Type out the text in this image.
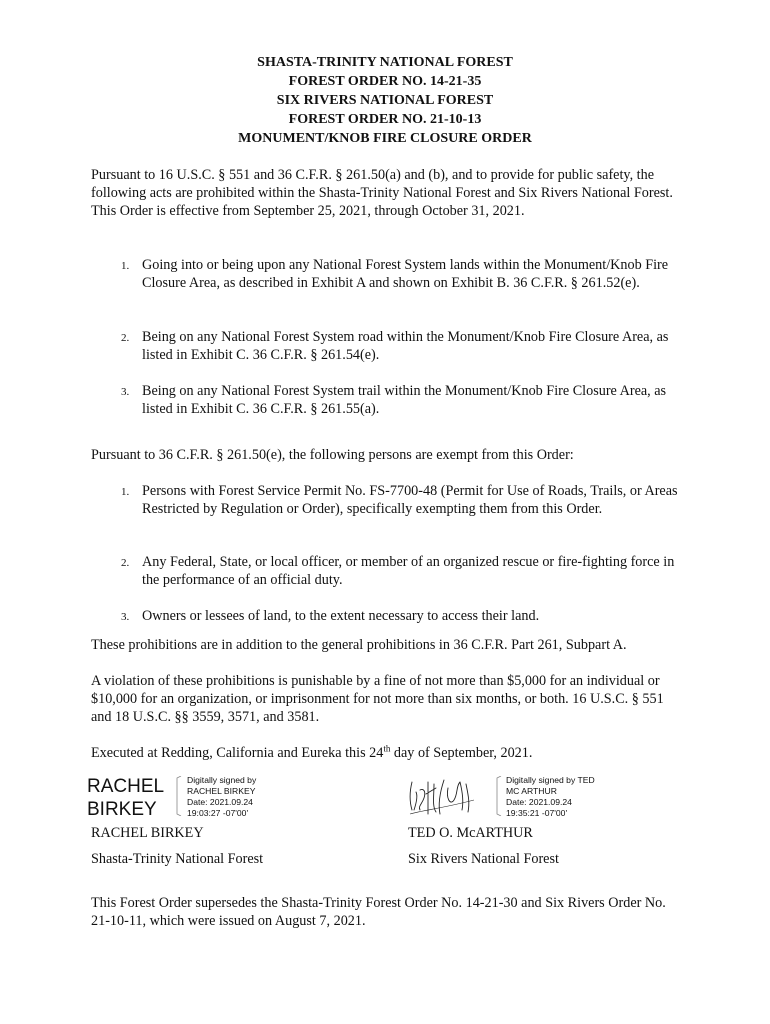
SHASTA-TRINITY NATIONAL FOREST
FOREST ORDER NO. 14-21-35
SIX RIVERS NATIONAL FOREST
FOREST ORDER NO. 21-10-13
MONUMENT/KNOB FIRE CLOSURE ORDER
Pursuant to 16 U.S.C. § 551 and 36 C.F.R. § 261.50(a) and (b), and to provide for public safety, the following acts are prohibited within the Shasta-Trinity National Forest and Six Rivers National Forest. This Order is effective from September 25, 2021, through October 31, 2021.
1. Going into or being upon any National Forest System lands within the Monument/Knob Fire Closure Area, as described in Exhibit A and shown on Exhibit B. 36 C.F.R. § 261.52(e).
2. Being on any National Forest System road within the Monument/Knob Fire Closure Area, as listed in Exhibit C. 36 C.F.R. § 261.54(e).
3. Being on any National Forest System trail within the Monument/Knob Fire Closure Area, as listed in Exhibit C. 36 C.F.R. § 261.55(a).
Pursuant to 36 C.F.R. § 261.50(e), the following persons are exempt from this Order:
1. Persons with Forest Service Permit No. FS-7700-48 (Permit for Use of Roads, Trails, or Areas Restricted by Regulation or Order), specifically exempting them from this Order.
2. Any Federal, State, or local officer, or member of an organized rescue or fire-fighting force in the performance of an official duty.
3. Owners or lessees of land, to the extent necessary to access their land.
These prohibitions are in addition to the general prohibitions in 36 C.F.R. Part 261, Subpart A.
A violation of these prohibitions is punishable by a fine of not more than $5,000 for an individual or $10,000 for an organization, or imprisonment for not more than six months, or both. 16 U.S.C. § 551 and 18 U.S.C. §§ 3559, 3571, and 3581.
Executed at Redding, California and Eureka this 24th day of September, 2021.
RACHEL
BIRKEY
Digitally signed by
RACHEL BIRKEY
Date: 2021.09.24
19:03:27 -07'00'
RACHEL BIRKEY
Shasta-Trinity National Forest
Digitally signed by TED
MC ARTHUR
Date: 2021.09.24
19:35:21 -07'00'
TED O. McARTHUR
Six Rivers National Forest
This Forest Order supersedes the Shasta-Trinity Forest Order No. 14-21-30 and Six Rivers Order No. 21-10-11, which were issued on August 7, 2021.
